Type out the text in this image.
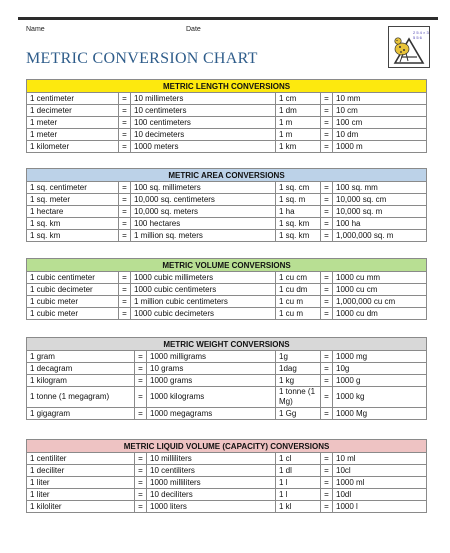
Name	Date
METRIC CONVERSION CHART
2 5 4 × 3 5 5 6
METRIC LENGTH CONVERSIONS					
1 centimeter	=	10 millimeters	1 cm	=	10 mm
1 decimeter	=	10 centimeters	1 dm	=	10 cm
1 meter	=	100 centimeters	1 m	=	100 cm
1 meter	=	10 decimeters	1 m	=	10 dm
1 kilometer	=	1000 meters	1 km	=	1000 m
METRIC AREA CONVERSIONS					
1 sq. centimeter	=	100 sq. millimeters	1 sq. cm	=	100 sq. mm
1 sq. meter	=	10,000 sq. centimeters	1 sq. m	=	10,000 sq. cm
1 hectare	=	10,000 sq. meters	1 ha	=	10,000 sq. m
1 sq. km	=	100 hectares	1 sq. km	=	100 ha
1 sq. km	=	1 million sq. meters	1 sq. km	=	1,000,000 sq. m
METRIC VOLUME CONVERSIONS					
1 cubic centimeter	=	1000 cubic millimeters	1 cu cm	=	1000 cu mm
1 cubic decimeter	=	1000 cubic centimeters	1 cu dm	=	1000 cu cm
1 cubic meter	=	1 million cubic centimeters	1 cu m	=	1,000,000 cu cm
1 cubic meter	=	1000 cubic decimeters	1 cu m	=	1000 cu dm
METRIC WEIGHT CONVERSIONS					
1 gram	=	1000 milligrams	1g	=	1000 mg
1 decagram	=	10 grams	1dag	=	10g
1 kilogram	=	1000 grams	1 kg	=	1000 g
1 tonne (1 megagram)	=	1000 kilograms	1 tonne (1 Mg)	=	1000 kg
1 gigagram	=	1000 megagrams	1 Gg	=	1000 Mg
METRIC LIQUID VOLUME (CAPACITY) CONVERSIONS					
1 centiliter	=	10 milliliters	1 cl	=	10 ml
1 deciliter	=	10 centiliters	1 dl	=	10cl
1 liter	=	1000 milliliters	1 l	=	1000 ml
1 liter	=	10 deciliters	1 l	=	10dl
1 kiloliter	=	1000 liters	1 kl	=	1000 l
